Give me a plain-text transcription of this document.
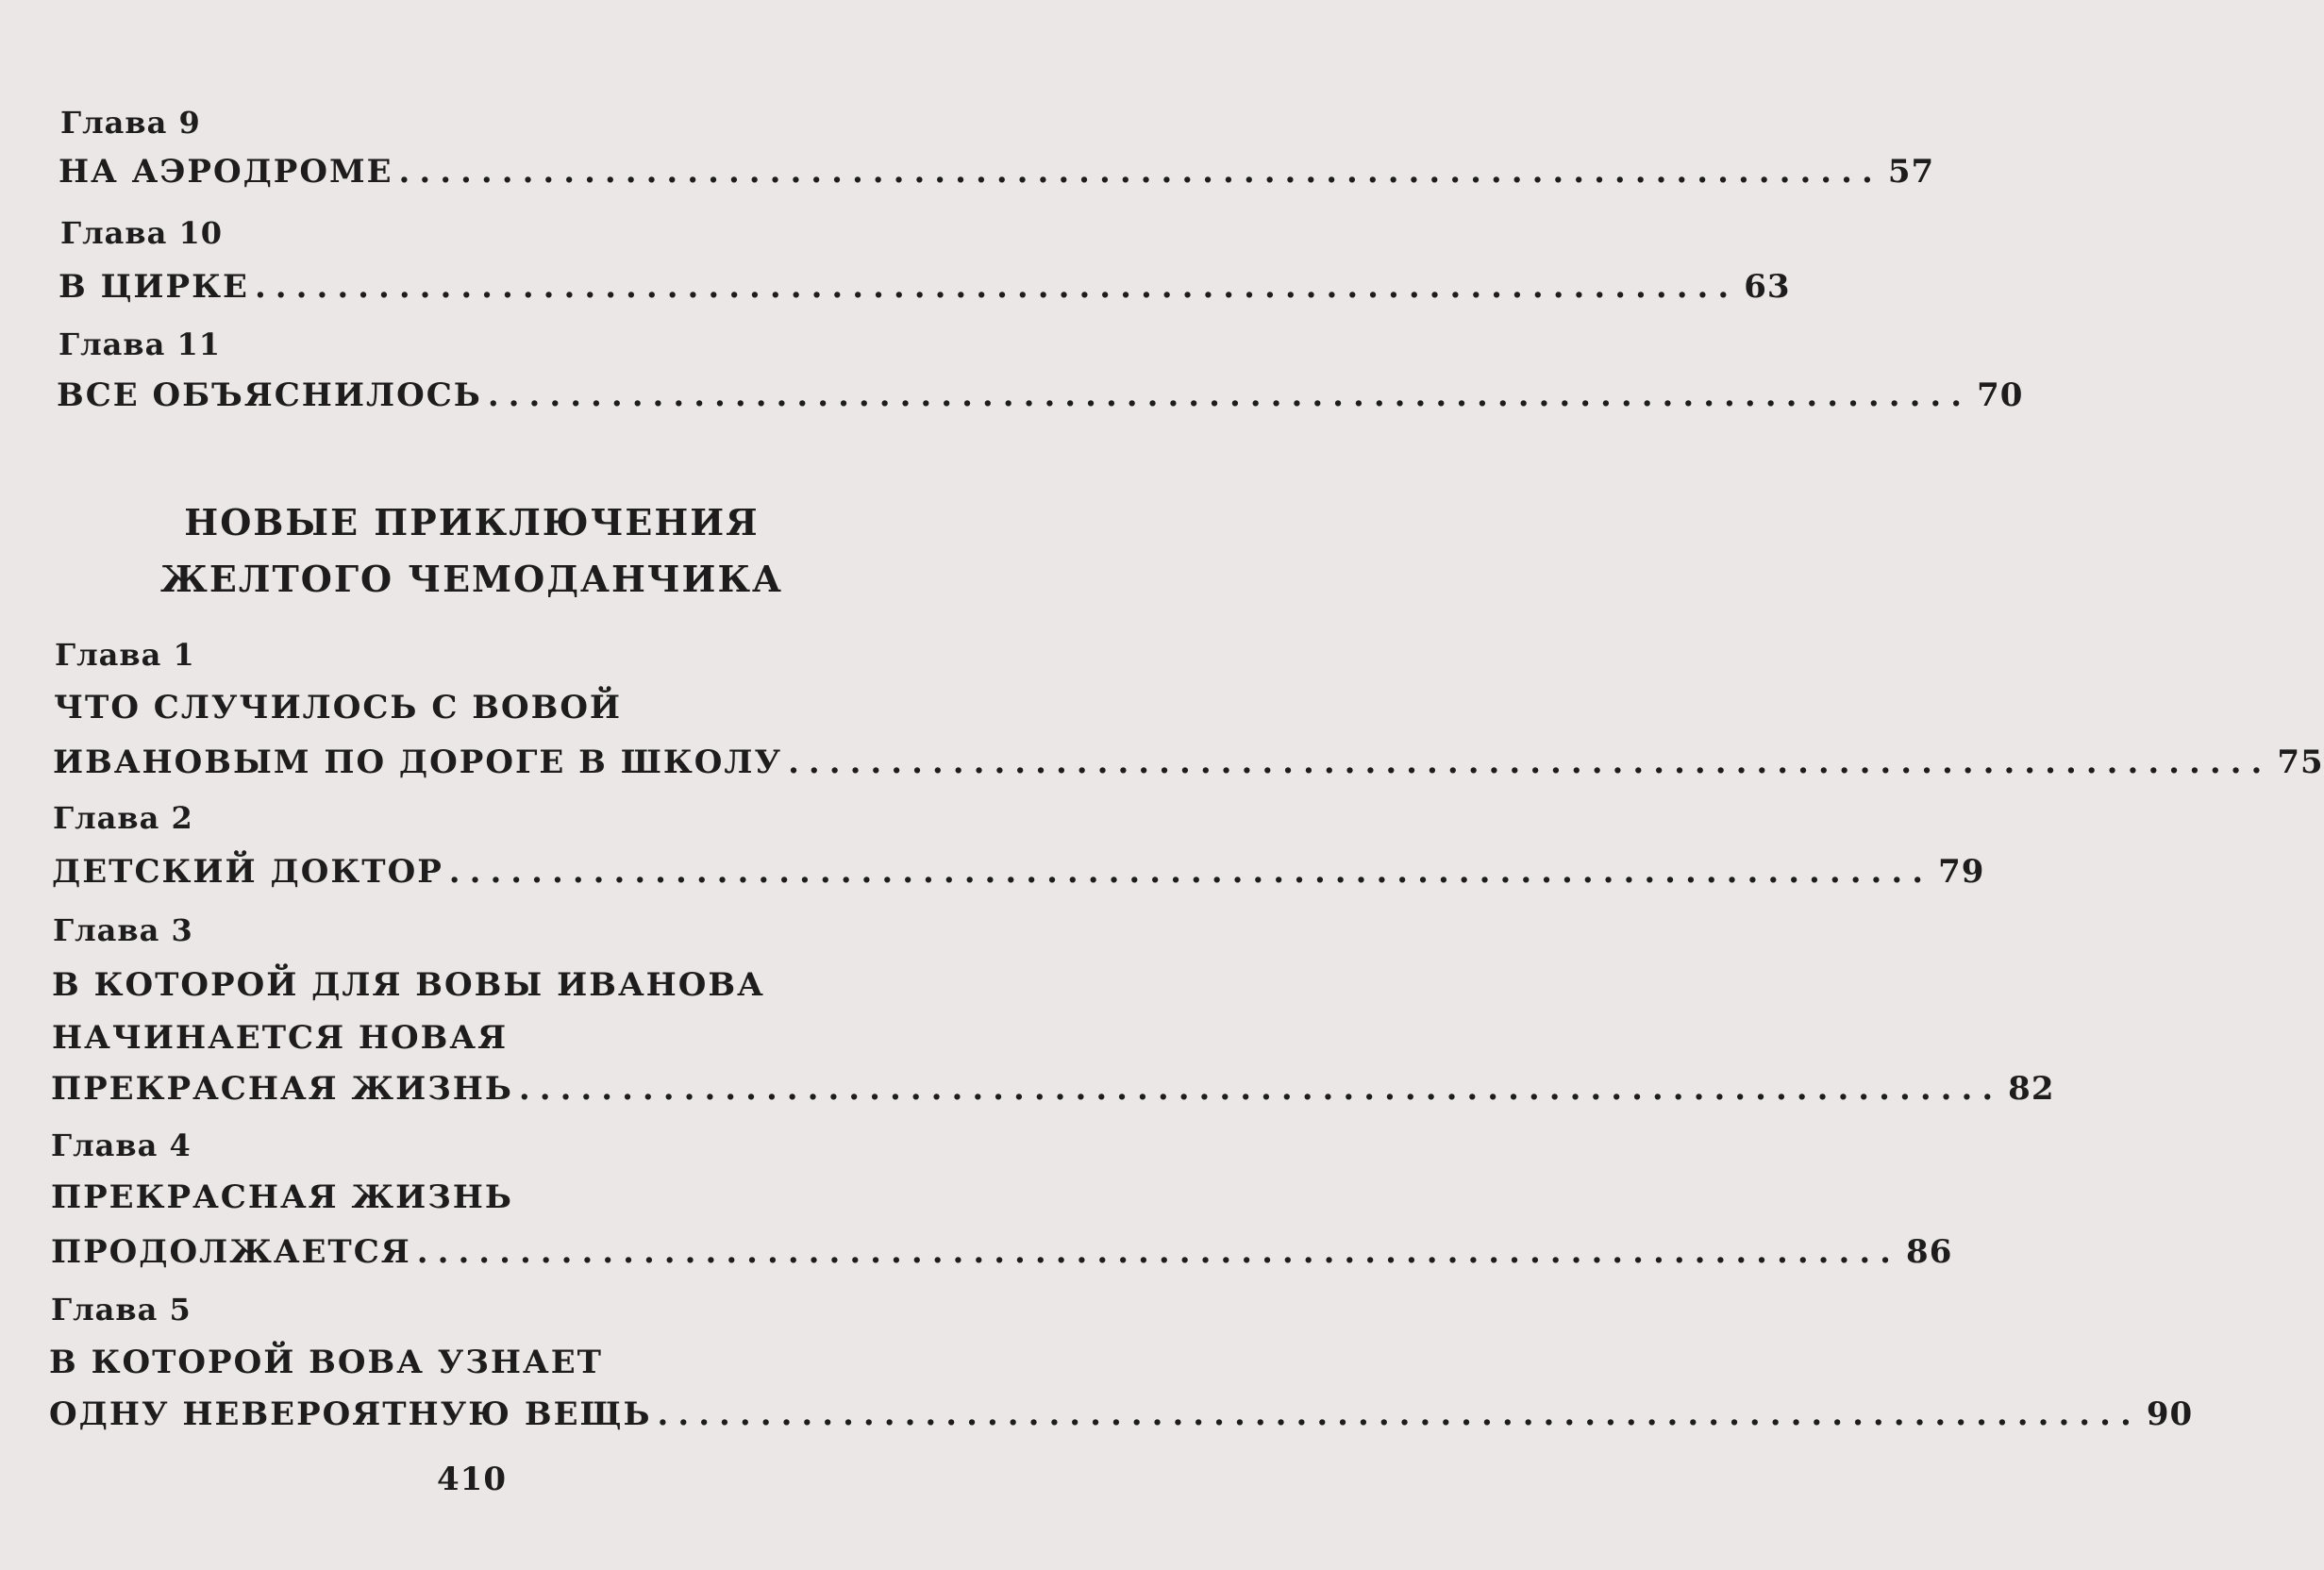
Глава 9
НА АЭРОДРОМЕ ........................................................................ 57
Глава 10
В ЦИРКЕ ........................................................................ 63
Глава 11
ВСЕ ОБЪЯСНИЛОСЬ ........................................................................ 70
НОВЫЕ ПРИКЛЮЧЕНИЯ
ЖЕЛТОГО ЧЕМОДАНЧИКА
Глава 1
ЧТО СЛУЧИЛОСЬ С ВОВОЙ
ИВАНОВЫМ ПО ДОРОГЕ В ШКОЛУ ........................................................................ 75
Глава 2
ДЕТСКИЙ ДОКТОР ........................................................................ 79
Глава 3
В КОТОРОЙ ДЛЯ ВОВЫ ИВАНОВА
НАЧИНАЕТСЯ НОВАЯ
ПРЕКРАСНАЯ ЖИЗНЬ ........................................................................ 82
Глава 4
ПРЕКРАСНАЯ ЖИЗНЬ
ПРОДОЛЖАЕТСЯ ........................................................................ 86
Глава 5
В КОТОРОЙ ВОВА УЗНАЕТ
ОДНУ НЕВЕРОЯТНУЮ ВЕЩЬ ........................................................................ 90
410
